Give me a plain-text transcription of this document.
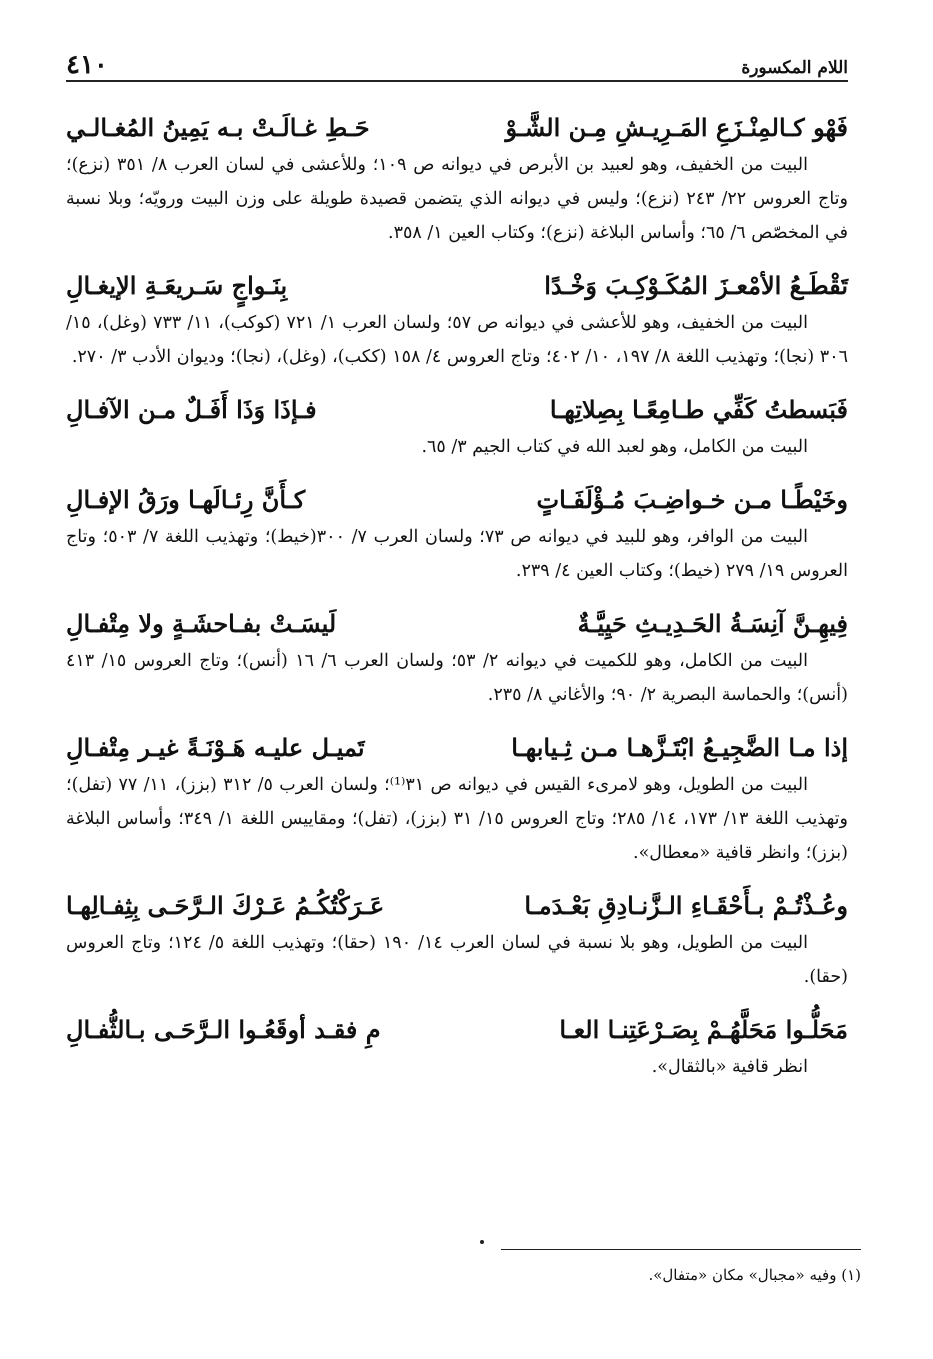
اللام المكسورة
٤١٠
فَهْو كـالمِنْـزَعِ المَـرِيـشِ مِـن الشَّـوْ
حَـطِ غـالَـتْ بـه يَمِينُ المُغـالـي

البيت من الخفيف، وهو لعبيد بن الأبرص في ديوانه ص ١٠٩؛ وللأعشى في لسان العرب ٨/ ٣٥١ (نزع)؛ وتاج العروس ٢٢/ ٢٤٣ (نزع)؛ وليس في ديوانه الذي يتضمن قصيدة طويلة على وزن البيت ورويّه؛ وبلا نسبة في المخصّص ٦/ ٦٥؛ وأساس البلاغة (نزع)؛ وكتاب العين ١/ ٣٥٨.

تَقْطَـعُ الأمْعـزَ المُكَـوْكِـبَ وَخْـدًا
بِنَـواجٍ سَـريعَـةِ الإيغـالِ

البيت من الخفيف، وهو للأعشى في ديوانه ص ٥٧؛ ولسان العرب ١/ ٧٢١ (كوكب)، ١١/ ٧٣٣ (وغل)، ١٥/ ٣٠٦ (نجا)؛ وتهذيب اللغة ٨/ ١٩٧، ١٠/ ٤٠٢؛ وتاج العروس ٤/ ١٥٨ (ككب)، (وغل)، (نجا)؛ وديوان الأدب ٣/ ٢٧٠.

فَبَسطتُ كَفِّي طـامِعًـا بِصِلاتِهـا
فـإذَا وَذَا أَفَـلٌ مـن الآفـالِ

البيت من الكامل، وهو لعبد الله في كتاب الجيم ٣/ ٦٥.

وخَيْطًـا مـن خـواضِـبَ مُـؤْلَفَـاتٍ
كـأَنَّ رِئـالَهـا ورَقُ الإفـالِ

البيت من الوافر، وهو للبيد في ديوانه ص ٧٣؛ ولسان العرب ٧/ ٣٠٠(خيط)؛ وتهذيب اللغة ٧/ ٥٠٣؛ وتاج العروس ١٩/ ٢٧٩ (خيط)؛ وكتاب العين ٤/ ٢٣٩.

فِيهِـنَّ آنِسَـةُ الحَـدِيـثِ حَيِيَّـةٌ
لَيسَـتْ بفـاحشَـةٍ ولا مِتْفـالِ

البيت من الكامل، وهو للكميت في ديوانه ٢/ ٥٣؛ ولسان العرب ٦/ ١٦ (أنس)؛ وتاج العروس ١٥/ ٤١٣ (أنس)؛ والحماسة البصرية ٢/ ٩٠؛ والأغاني ٨/ ٢٣٥.

إذا مـا الضَّجِيـعُ ابْتَـزَّهـا مـن ثِـيابهـا
تَميـل عليـه هَـوْنَـةً غيـر مِتْفـالِ

البيت من الطويل، وهو لامرىء القيس في ديوانه ص ٣١⁽¹⁾؛ ولسان العرب ٥/ ٣١٢ (بزز)، ١١/ ٧٧ (تفل)؛ وتهذيب اللغة ١٣/ ١٧٣، ١٤/ ٢٨٥؛ وتاج العروس ١٥/ ٣١ (بزز)، (تفل)؛ ومقاييس اللغة ١/ ٣٤٩؛ وأساس البلاغة (بزز)؛ وانظر قافية «معطال».

وعُـذْتُـمْ بـأَحْقَـاءِ الـزَّنـادِقِ بَعْـدَمـا
عَـرَكْتُكُـمُ عَـرْكَ الـرَّحَـى بِثِفـالِهـا

البيت من الطويل، وهو بلا نسبة في لسان العرب ١٤/ ١٩٠ (حقا)؛ وتهذيب اللغة ٥/ ١٢٤؛ وتاج العروس (حقا).

مَحَلُّـوا مَحَلَّهُـمْ بِصَـرْعَتِنـا العـا
مِ فقـد أوقَعُـوا الـرَّحَـى بـالثُّفـالِ

انظر قافية «بالثقال».

(١) وفيه «مجبال» مكان «متفال».
